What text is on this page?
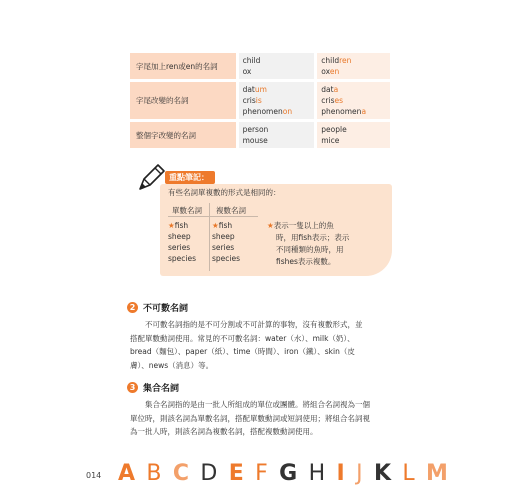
字尾加上ren或en的名詞
child
ox
children
oxen
字尾改變的名詞
datum
crisis
phenomenon
data
crises
phenomena
整個字改變的名詞
person
mouse
people
mice
重點筆記：
有些名詞單複數的形式是相同的：
單數名詞 複數名詞
★fish
sheep
series
species
★fish
sheep
series
species
★表示一隻以上的魚
時，用fish表示；表示
不同種類的魚時，用
fishes表示複數。
2 不可數名詞
不可數名詞指的是不可分割或不可計算的事物，沒有複數形式，並
搭配單數動詞使用。常見的不可數名詞：water（水）、milk（奶）、
bread（麵包）、paper（紙）、time（時間）、iron（鐵）、skin（皮
膚）、news（消息）等。
3 集合名詞
集合名詞指的是由一批人所組成的單位或團體。將組合名詞視為一個
單位時，則該名詞為單數名詞，搭配單數動詞或短詞使用；將組合名詞視
為一批人時，則該名詞為複數名詞，搭配複數動詞使用。
014 A B C D E F G H I J K L M
